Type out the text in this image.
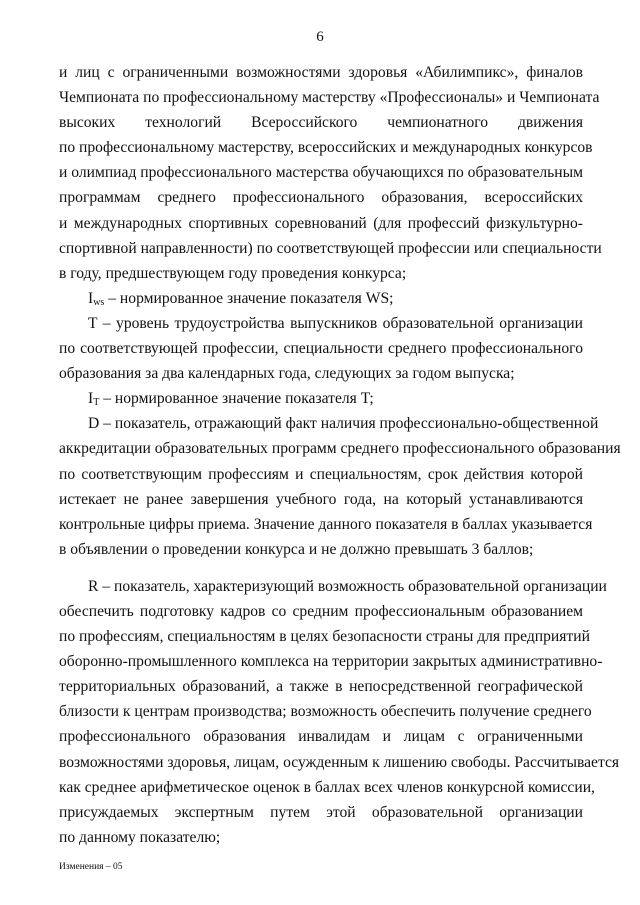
6
и лиц с ограниченными возможностями здоровья «Абилимпикс», финалов
Чемпионата по профессиональному мастерству «Профессионалы» и Чемпионата
высоких технологий Всероссийского чемпионатного движения
по профессиональному мастерству, всероссийских и международных конкурсов
и олимпиад профессионального мастерства обучающихся по образовательным
программам среднего профессионального образования, всероссийских
и международных спортивных соревнований (для профессий физкультурно-
спортивной направленности) по соответствующей профессии или специальности
в году, предшествующем году проведения конкурса;
$I_{ws}$ – нормированное значение показателя WS;
T – уровень трудоустройства выпускников образовательной организации
по соответствующей профессии, специальности среднего профессионального
образования за два календарных года, следующих за годом выпуска;
$I_T$ – нормированное значение показателя T;
D – показатель, отражающий факт наличия профессионально-общественной
аккредитации образовательных программ среднего профессионального образования
по соответствующим профессиям и специальностям, срок действия которой
истекает не ранее завершения учебного года, на который устанавливаются
контрольные цифры приема. Значение данного показателя в баллах указывается
в объявлении о проведении конкурса и не должно превышать 3 баллов;
R – показатель, характеризующий возможность образовательной организации
обеспечить подготовку кадров со средним профессиональным образованием
по профессиям, специальностям в целях безопасности страны для предприятий
оборонно-промышленного комплекса на территории закрытых административно-
территориальных образований, а также в непосредственной географической
близости к центрам производства; возможность обеспечить получение среднего
профессионального образования инвалидам и лицам с ограниченными
возможностями здоровья, лицам, осужденным к лишению свободы. Рассчитывается
как среднее арифметическое оценок в баллах всех членов конкурсной комиссии,
присуждаемых экспертным путем этой образовательной организации
по данному показателю;
Изменения – 05
